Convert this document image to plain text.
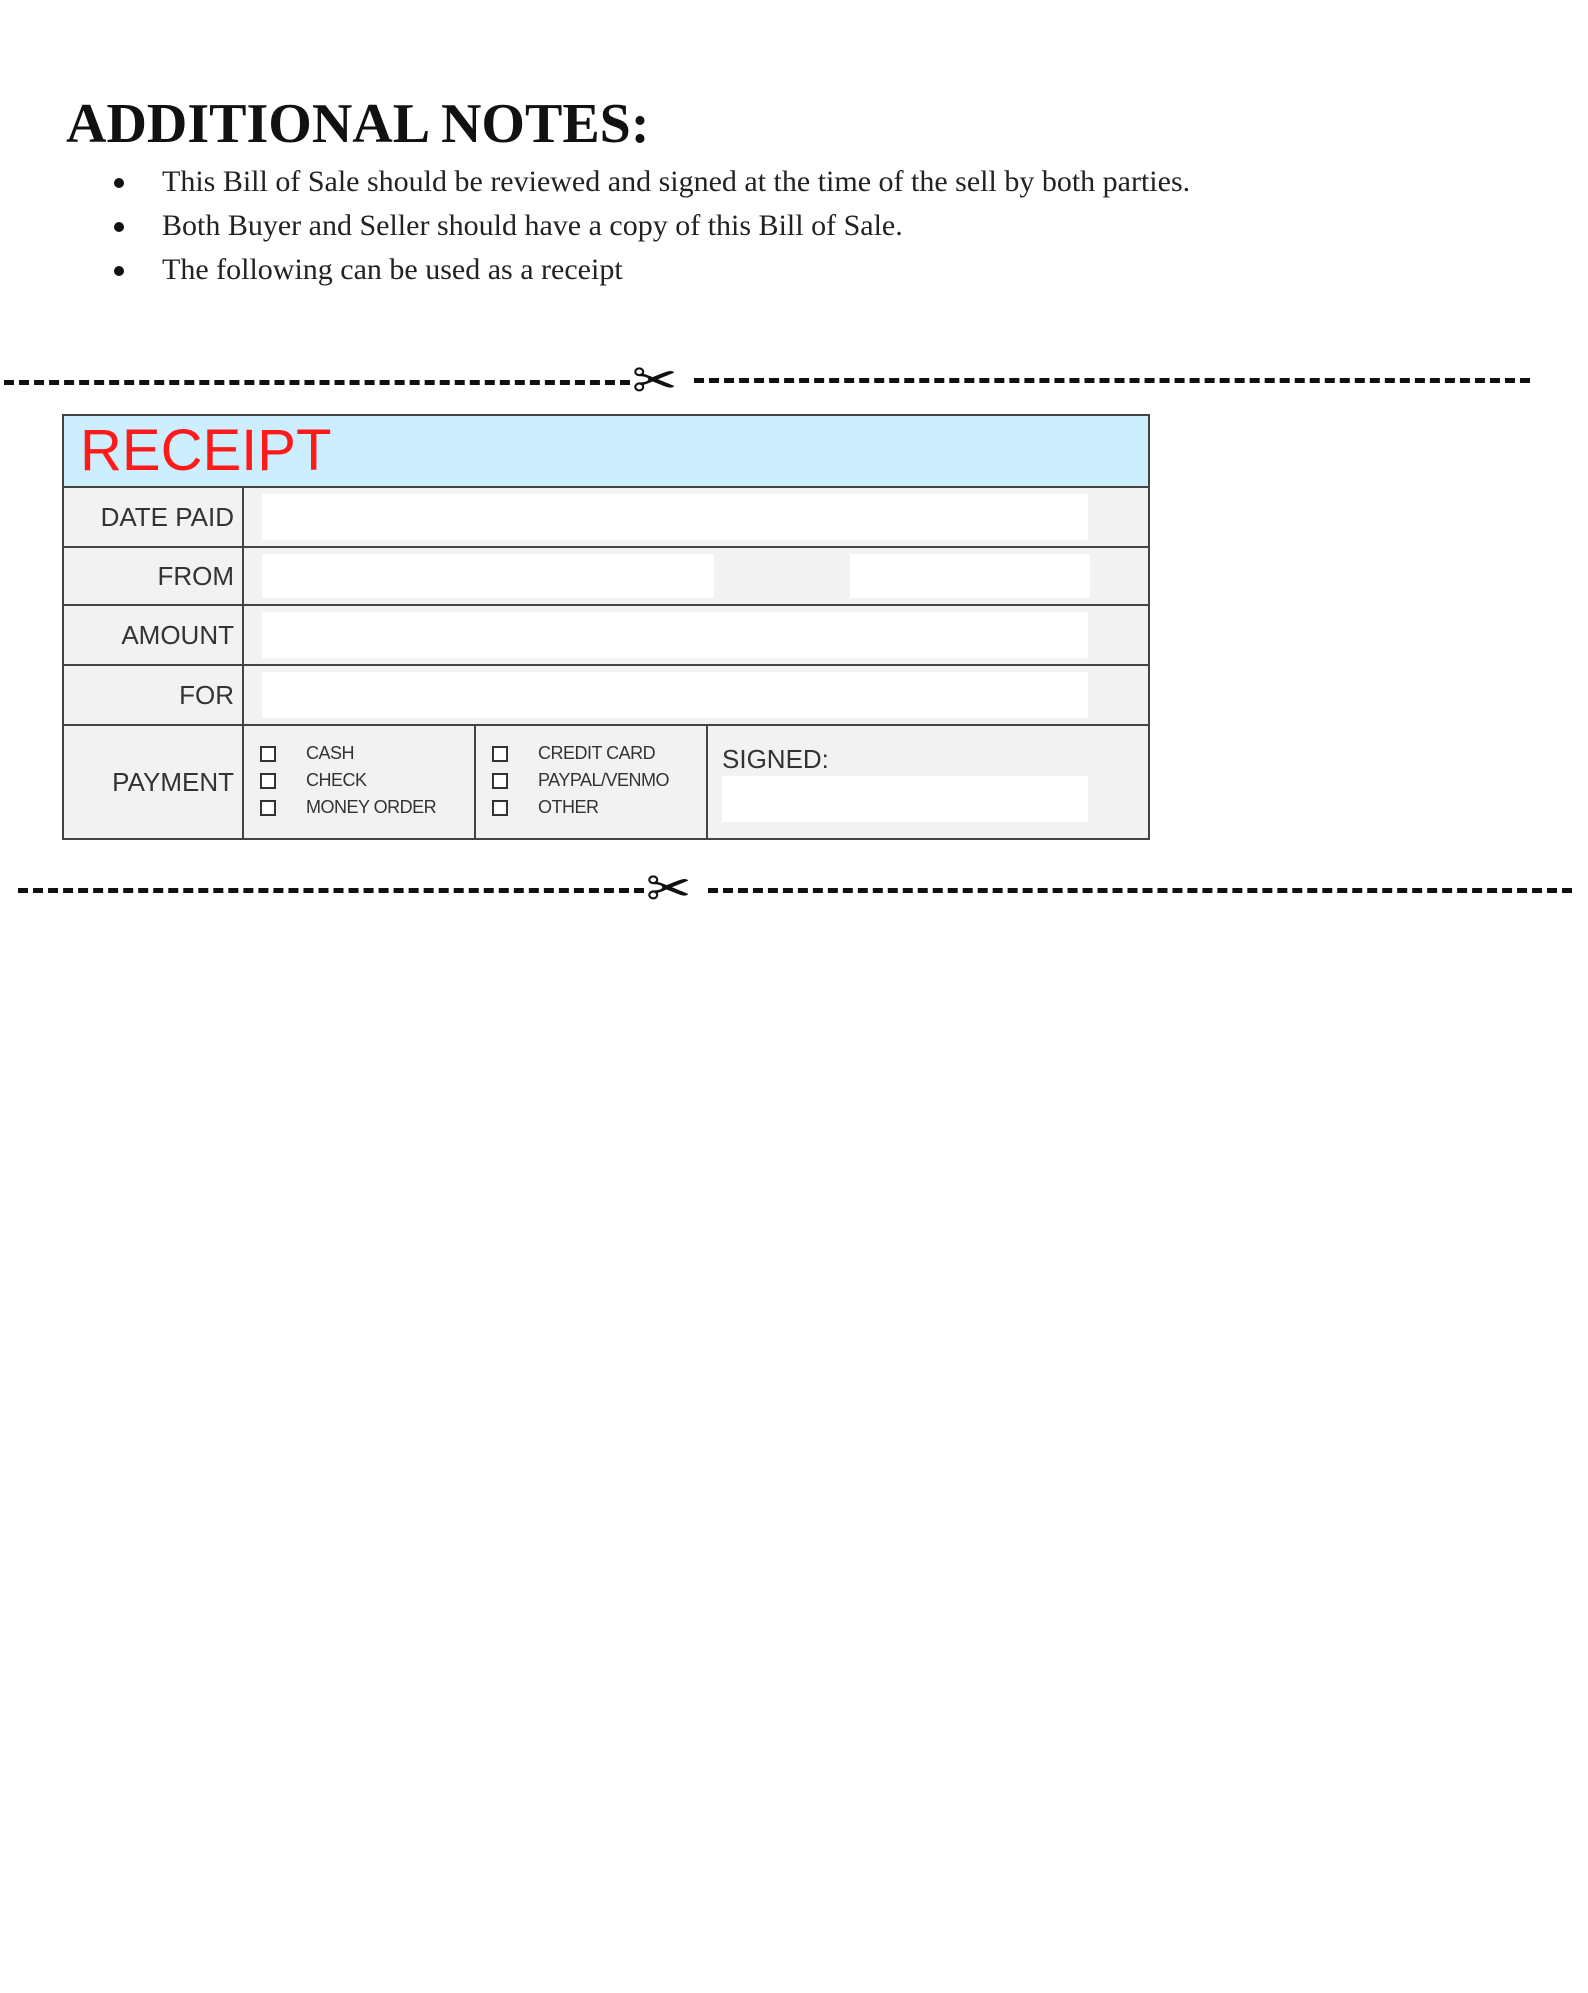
ADDITIONAL NOTES:
This Bill of Sale should be reviewed and signed at the time of the sell by both parties.
Both Buyer and Seller should have a copy of this Bill of Sale.
The following can be used as a receipt
✂
RECEIPT
DATE PAID
FROM
AMOUNT
FOR
PAYMENT
CASH
CHECK
MONEY ORDER
CREDIT CARD
PAYPAL/VENMO
OTHER
SIGNED:
✂
